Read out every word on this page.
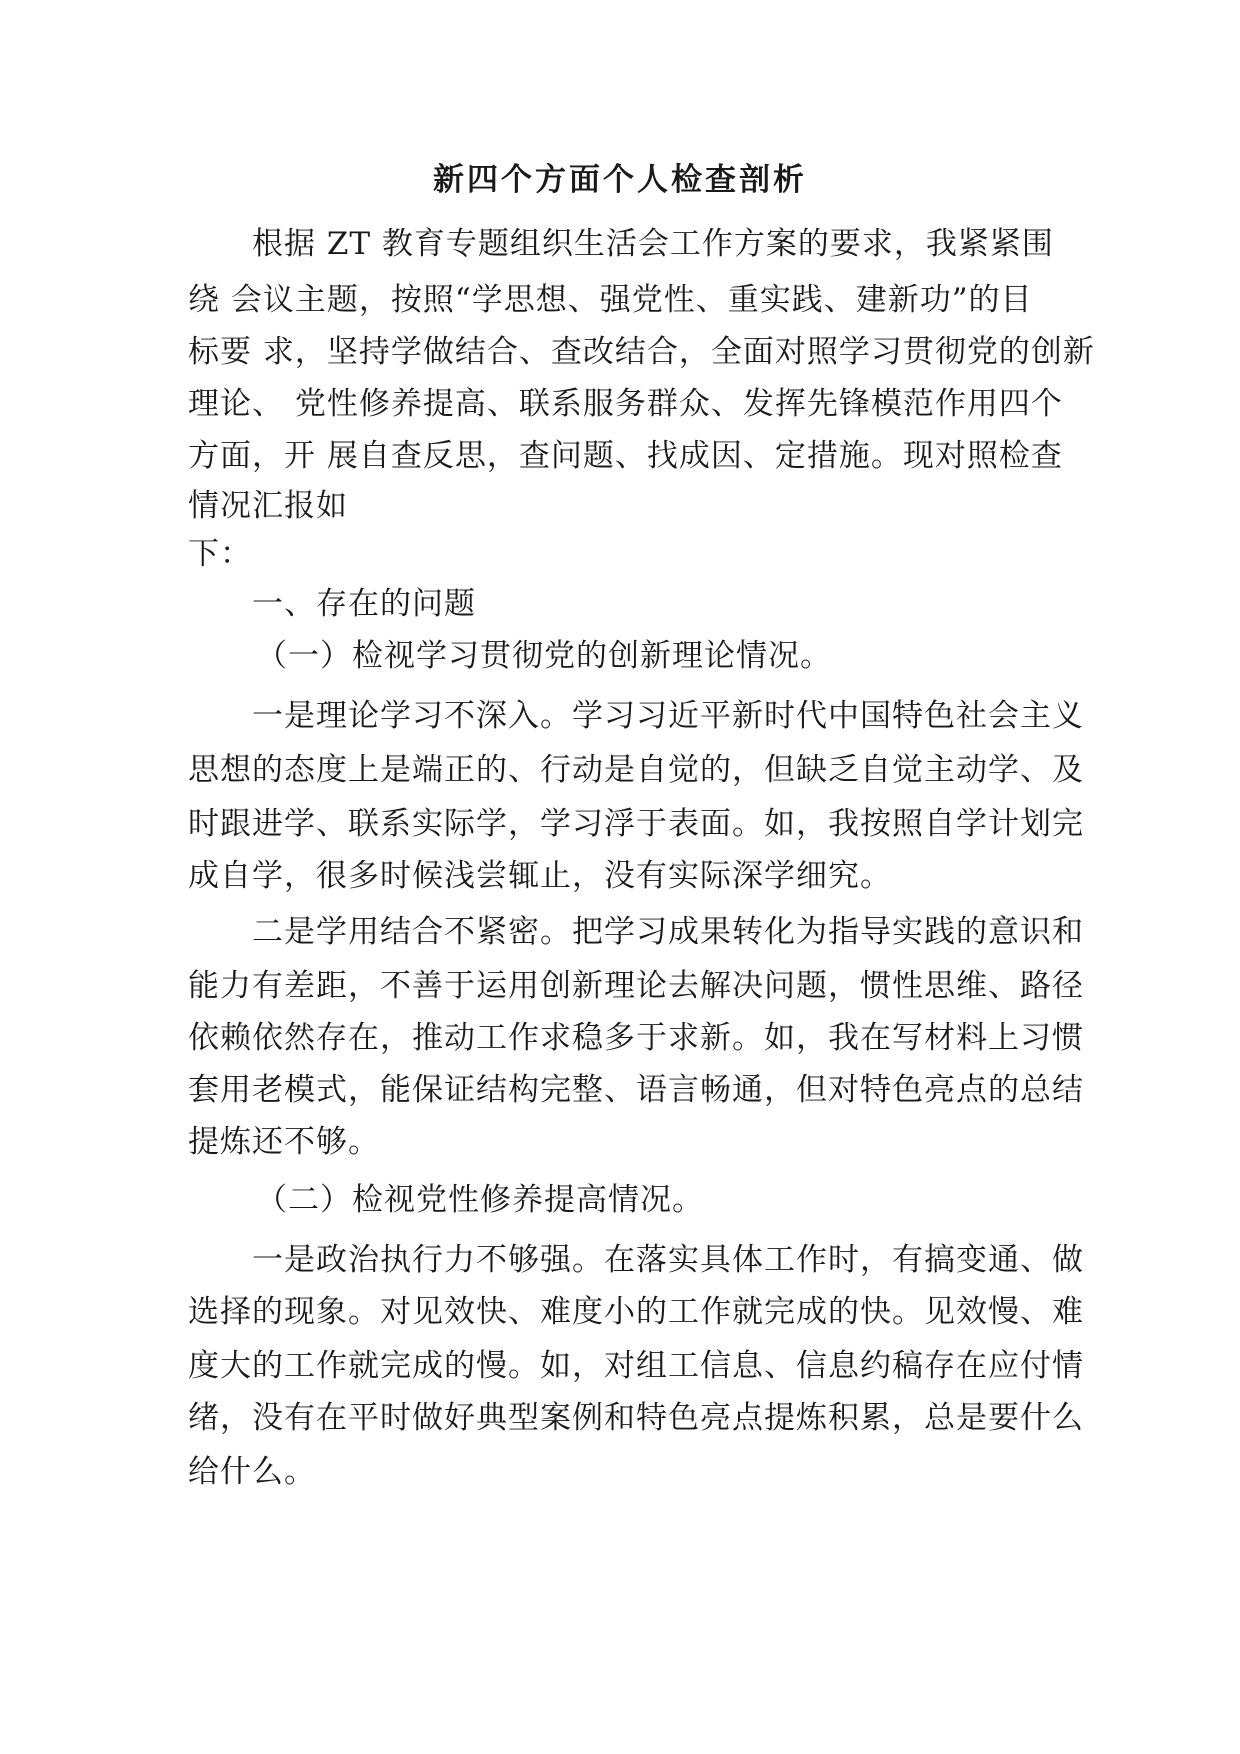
新四个方面个人检查剖析
根据 ZT 教育专题组织生活会工作方案的要求，我紧紧围
绕 会议主题，按照“学思想、强党性、重实践、建新功”的目
标要 求，坚持学做结合、查改结合，全面对照学习贯彻党的创新
理论、 党性修养提高、联系服务群众、发挥先锋模范作用四个
方面，开 展自查反思，查问题、找成因、定措施。现对照检查
情况汇报如
下：
一、存在的问题
（一）检视学习贯彻党的创新理论情况。
一是理论学习不深入。学习习近平新时代中国特色社会主义
思想的态度上是端正的、行动是自觉的，但缺乏自觉主动学、及
时跟进学、联系实际学，学习浮于表面。如，我按照自学计划完
成自学，很多时候浅尝辄止，没有实际深学细究。
二是学用结合不紧密。把学习成果转化为指导实践的意识和
能力有差距，不善于运用创新理论去解决问题，惯性思维、路径
依赖依然存在，推动工作求稳多于求新。如，我在写材料上习惯
套用老模式，能保证结构完整、语言畅通，但对特色亮点的总结
提炼还不够。
（二）检视党性修养提高情况。
一是政治执行力不够强。在落实具体工作时，有搞变通、做
选择的现象。对见效快、难度小的工作就完成的快。见效慢、难
度大的工作就完成的慢。如，对组工信息、信息约稿存在应付情
绪，没有在平时做好典型案例和特色亮点提炼积累，总是要什么
给什么。
